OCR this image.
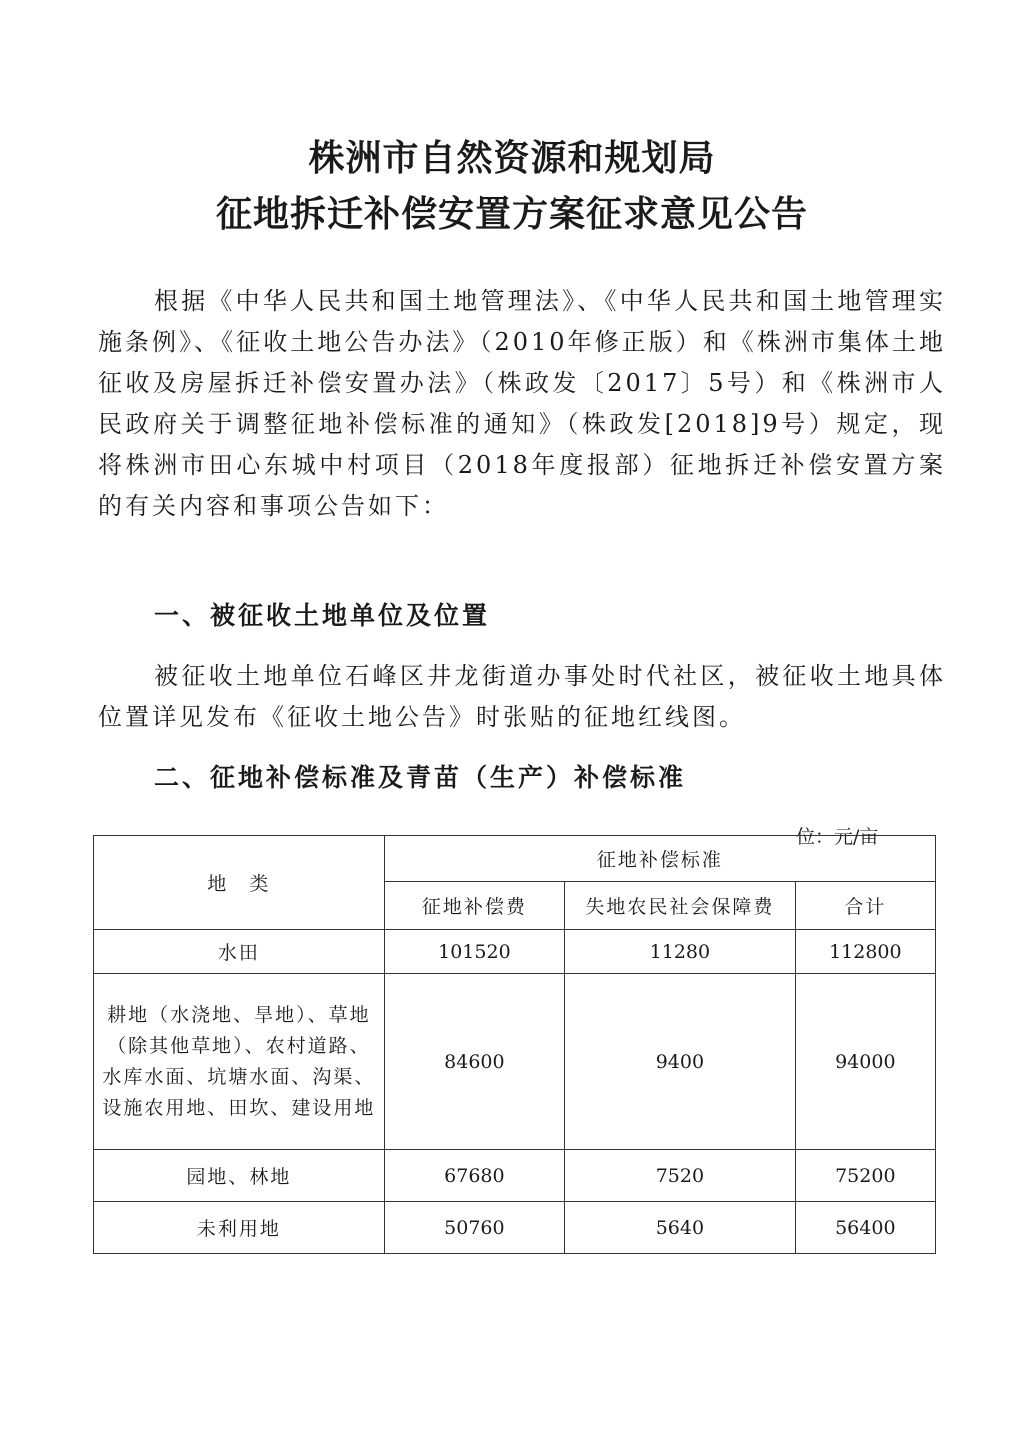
株洲市自然资源和规划局
征地拆迁补偿安置方案征求意见公告
根据《中华人民共和国土地管理法》、《中华人民共和国土地管理实施条例》、《征收土地公告办法》（2010年修正版）和《株洲市集体土地征收及房屋拆迁补偿安置办法》（株政发〔2017〕5号）和《株洲市人民政府关于调整征地补偿标准的通知》（株政发[2018]9号）规定，现将株洲市田心东城中村项目（2018年度报部）征地拆迁补偿安置方案的有关内容和事项公告如下：
一、被征收土地单位及位置
被征收土地单位石峰区井龙街道办事处时代社区，被征收土地具体位置详见发布《征收土地公告》时张贴的征地红线图。
二、征地补偿标准及青苗（生产）补偿标准
位：元/亩
地　类	征地补偿标准		
	征地补偿费	失地农民社会保障费	合计
水田	101520	11280	112800
耕地（水浇地、旱地）、草地（除其他草地）、农村道路、水库水面、坑塘水面、沟渠、设施农用地、田坎、建设用地	84600	9400	94000
园地、林地	67680	7520	75200
未利用地	50760	5640	56400
